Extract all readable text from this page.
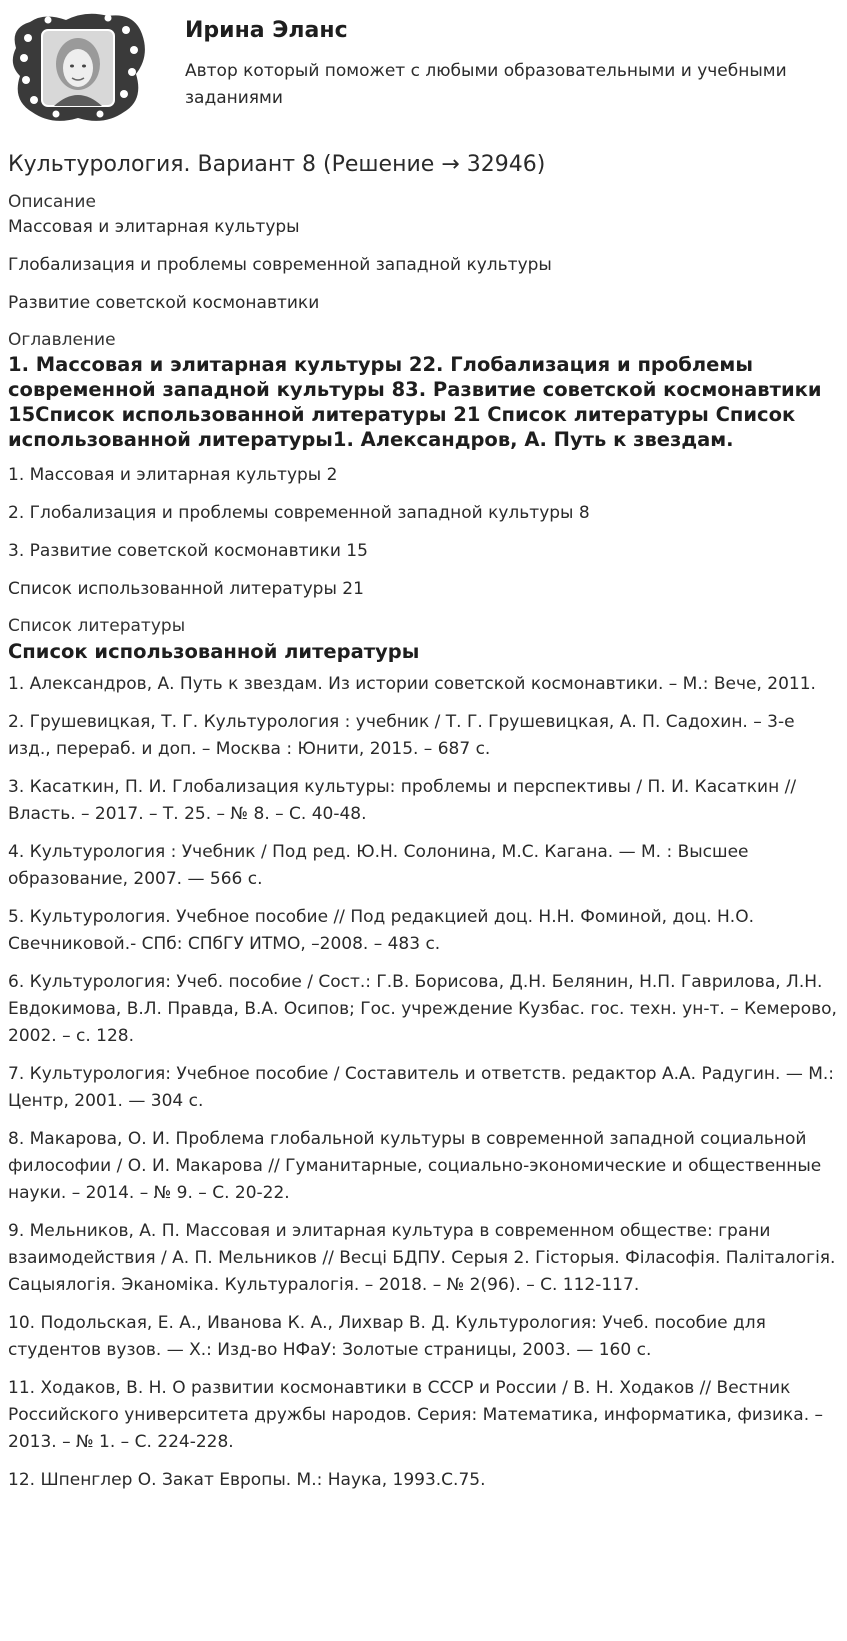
Ирина Эланс
Автор который поможет с любыми образовательными и учебными заданиями
Культурология. Вариант 8 (Решение → 32946)
Описание
Массовая и элитарная культуры
Глобализация и проблемы современной западной культуры
Развитие советской космонавтики
Оглавление
1. Массовая и элитарная культуры 22. Глобализация и проблемы современной западной культуры 83. Развитие советской космонавтики 15Список использованной литературы 21 Список литературы Список использованной литературы1. Александров, А. Путь к звездам.
1. Массовая и элитарная культуры 2
2. Глобализация и проблемы современной западной культуры 8
3. Развитие советской космонавтики 15
Список использованной литературы 21
Список литературы
Список использованной литературы
1. Александров, А. Путь к звездам. Из истории советской космонавтики. – М.: Вече, 2011.
2. Грушевицкая, Т. Г. Культурология : учебник / Т. Г. Грушевицкая, А. П. Садохин. – 3-е изд., перераб. и доп. – Москва : Юнити, 2015. – 687 с.
3. Касаткин, П. И. Глобализация культуры: проблемы и перспективы / П. И. Касаткин // Власть. – 2017. – Т. 25. – № 8. – С. 40-48.
4. Культурология : Учебник / Под ред. Ю.Н. Солонина, М.С. Кагана. — М. : Высшее образование, 2007. — 566 с.
5. Культурология. Учебное пособие // Под редакцией доц. Н.Н. Фоминой, доц. Н.О. Свечниковой.- СПб: СПбГУ ИТМО, –2008. – 483 с.
6. Культурология: Учеб. пособие / Сост.: Г.В. Борисова, Д.Н. Белянин, Н.П. Гаврилова, Л.Н. Евдокимова, В.Л. Правда, В.А. Осипов; Гос. учреждение Кузбас. гос. техн. ун-т. – Кемерово, 2002. – с. 128.
7. Культурология: Учебное пособие / Составитель и ответств. редактор А.А. Радугин. — М.: Центр, 2001. — 304 с.
8. Макарова, О. И. Проблема глобальной культуры в современной западной социальной философии / О. И. Макарова // Гуманитарные, социально-экономические и общественные науки. – 2014. – № 9. – С. 20-22.
9. Мельников, А. П. Массовая и элитарная культура в современном обществе: грани взаимодействия / А. П. Мельников // Весцi БДПУ. Серыя 2. Гiсторыя. Фiласофiя. Палiталогiя. Сацыялогiя. Эканомiка. Культуралогiя. – 2018. – № 2(96). – С. 112-117.
10. Подольская, Е. А., Иванова К. А., Лихвар В. Д. Культурология: Учеб. пособие для студентов вузов. — X.: Изд-во НФаУ: Золотые страницы, 2003. — 160 с.
11. Ходаков, В. Н. О развитии космонавтики в СССР и России / В. Н. Ходаков // Вестник Российского университета дружбы народов. Серия: Математика, информатика, физика. – 2013. – № 1. – С. 224-228.
12. Шпенглер О. Закат Европы. М.: Наука, 1993.С.75.
